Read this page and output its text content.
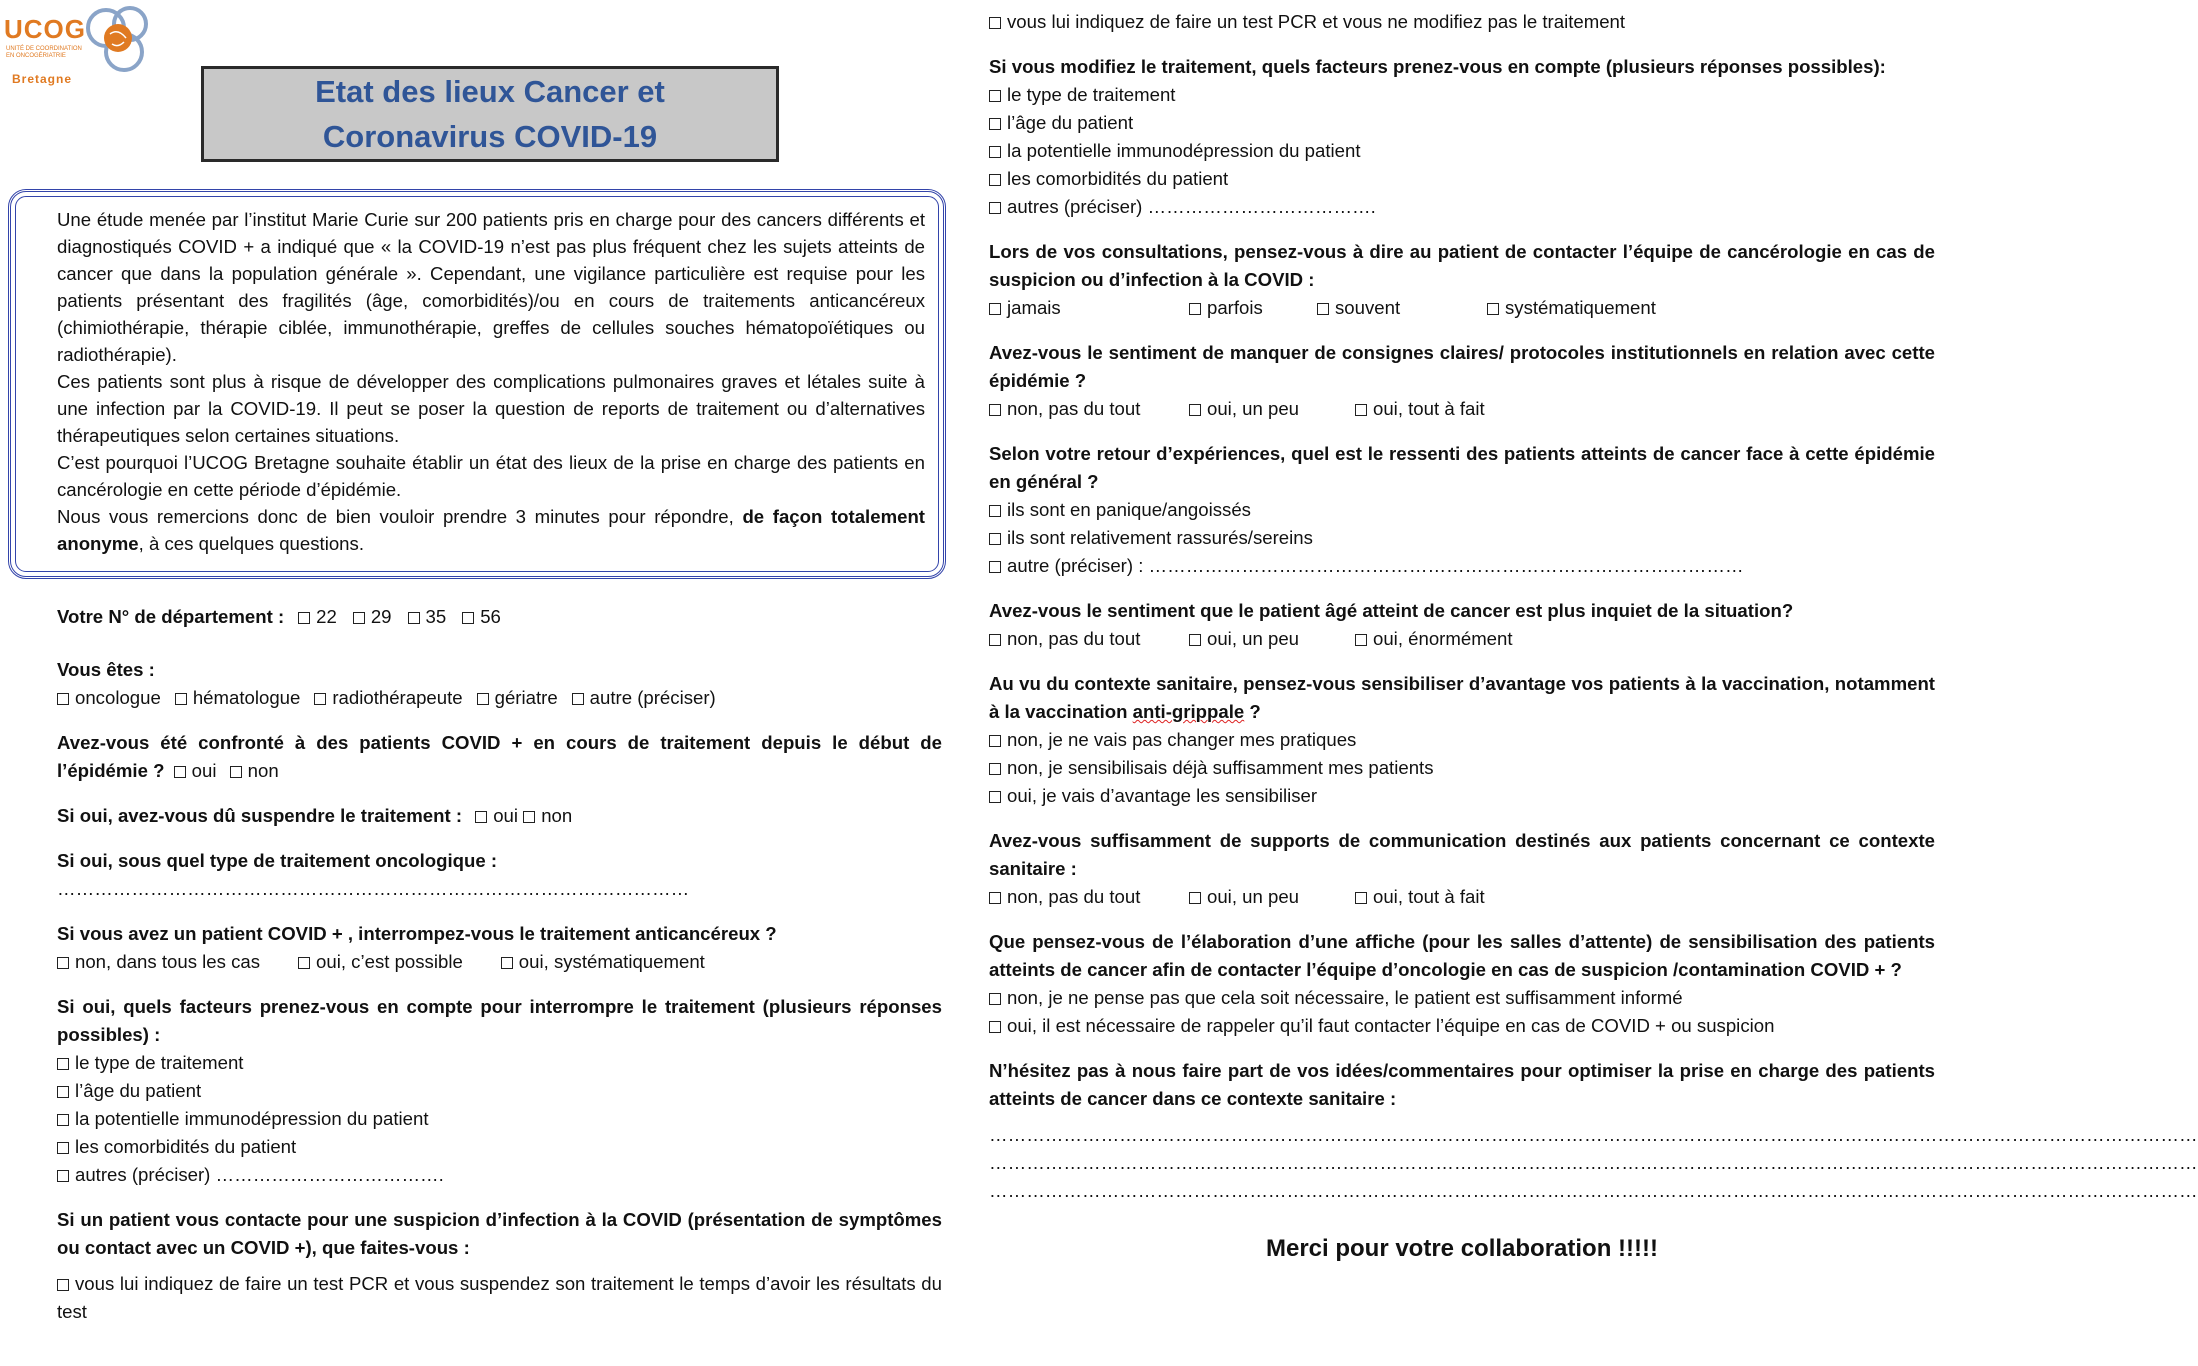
UCOG
UNITÉ DE COORDINATION EN ONCOGÉRIATRIE
Bretagne	Etat des lieux Cancer et
Coronavirus COVID-19

Une étude menée par l’institut Marie Curie sur 200 patients pris en charge pour des cancers différents et diagnostiqués COVID + a indiqué que « la COVID-19 n’est pas plus fréquent chez les sujets atteints de cancer que dans la population générale ». Cependant, une vigilance particulière est requise pour les patients présentant des fragilités (âge, comorbidités)/ou en cours de traitements anticancéreux (chimiothérapie, thérapie ciblée, immunothérapie, greffes de cellules souches hématopoïétiques ou radiothérapie).

Ces patients sont plus à risque de développer des complications pulmonaires graves et létales suite à une infection par la COVID-19. Il peut se poser la question de reports de traitement ou d’alternatives thérapeutiques selon certaines situations.

C’est pourquoi l’UCOG Bretagne souhaite établir un état des lieux de la prise en charge des patients en cancérologie en cette période d’épidémie.

Nous vous remercions donc de bien vouloir prendre 3 minutes pour répondre, de façon totalement anonyme, à ces quelques questions.

Votre N° de département :	22	29	35	56
Vous êtes :
oncologue	hématologue	radiothérapeute	gériatre	autre (préciser)
Avez-vous été confronté à des patients COVID + en cours de traitement depuis le début de l’épidémie ? oui non
Si oui, avez-vous dû suspendre le traitement : oui non
Si oui, sous quel type de traitement oncologique :
…………………………………………………………………………………………
Si vous avez un patient COVID + , interrompez-vous le traitement anticancéreux ?
non, dans tous les cas	oui, c’est possible	oui, systématiquement
Si oui, quels facteurs prenez-vous en compte pour interrompre le traitement (plusieurs réponses possibles) :
le type de traitement
l’âge du patient
la potentielle immunodépression du patient
les comorbidités du patient
autres (préciser) ……………………………….
Si un patient vous contacte pour une suspicion d’infection à la COVID (présentation de symptômes ou contact avec un COVID +), que faites-vous :
vous lui indiquez de faire un test PCR et vous suspendez son traitement le temps d’avoir les résultats du test
vous lui indiquez de faire un test PCR et vous ne modifiez pas le traitement
Si vous modifiez le traitement, quels facteurs prenez-vous en compte (plusieurs réponses possibles):
le type de traitement
l’âge du patient
la potentielle immunodépression du patient
les comorbidités du patient
autres (préciser) ……………………………….
Lors de vos consultations, pensez-vous à dire au patient de contacter l’équipe de cancérologie en cas de suspicion ou d’infection à la COVID :
jamais	parfois	souvent	systématiquement
Avez-vous le sentiment de manquer de consignes claires/ protocoles institutionnels en relation avec cette épidémie ?
non, pas du tout	oui, un peu	oui, tout à fait
Selon votre retour d’expériences, quel est le ressenti des patients atteints de cancer face à cette épidémie en général ?
ils sont en panique/angoissés
ils sont relativement rassurés/sereins
autre (préciser) : ……………………………………………………………………………………
Avez-vous le sentiment que le patient âgé atteint de cancer est plus inquiet de la situation?
non, pas du tout	oui, un peu	oui, énormément
Au vu du contexte sanitaire, pensez-vous sensibiliser d’avantage vos patients à la vaccination, notamment à la vaccination anti-grippale ?
non, je ne vais pas changer mes pratiques
non, je sensibilisais déjà suffisamment mes patients
oui, je vais d’avantage les sensibiliser
Avez-vous suffisamment de supports de communication destinés aux patients concernant ce contexte sanitaire :
non, pas du tout	oui, un peu	oui, tout à fait
Que pensez-vous de l’élaboration d’une affiche (pour les salles d’attente) de sensibilisation des patients atteints de cancer afin de contacter l’équipe d’oncologie en cas de suspicion /contamination COVID + ?
non, je ne pense pas que cela soit nécessaire, le patient est suffisamment informé
oui, il est nécessaire de rappeler qu’il faut contacter l’équipe en cas de COVID + ou suspicion
N’hésitez pas à nous faire part de vos idées/commentaires pour optimiser la prise en charge des patients atteints de cancer dans ce contexte sanitaire :
……………………………………………………………………………………………………………………………………………………………………………
……………………………………………………………………………………………………………………………………………………………………………
……………………………………………………………………………………………………………………………………………………………………………
Merci pour votre collaboration !!!!!
